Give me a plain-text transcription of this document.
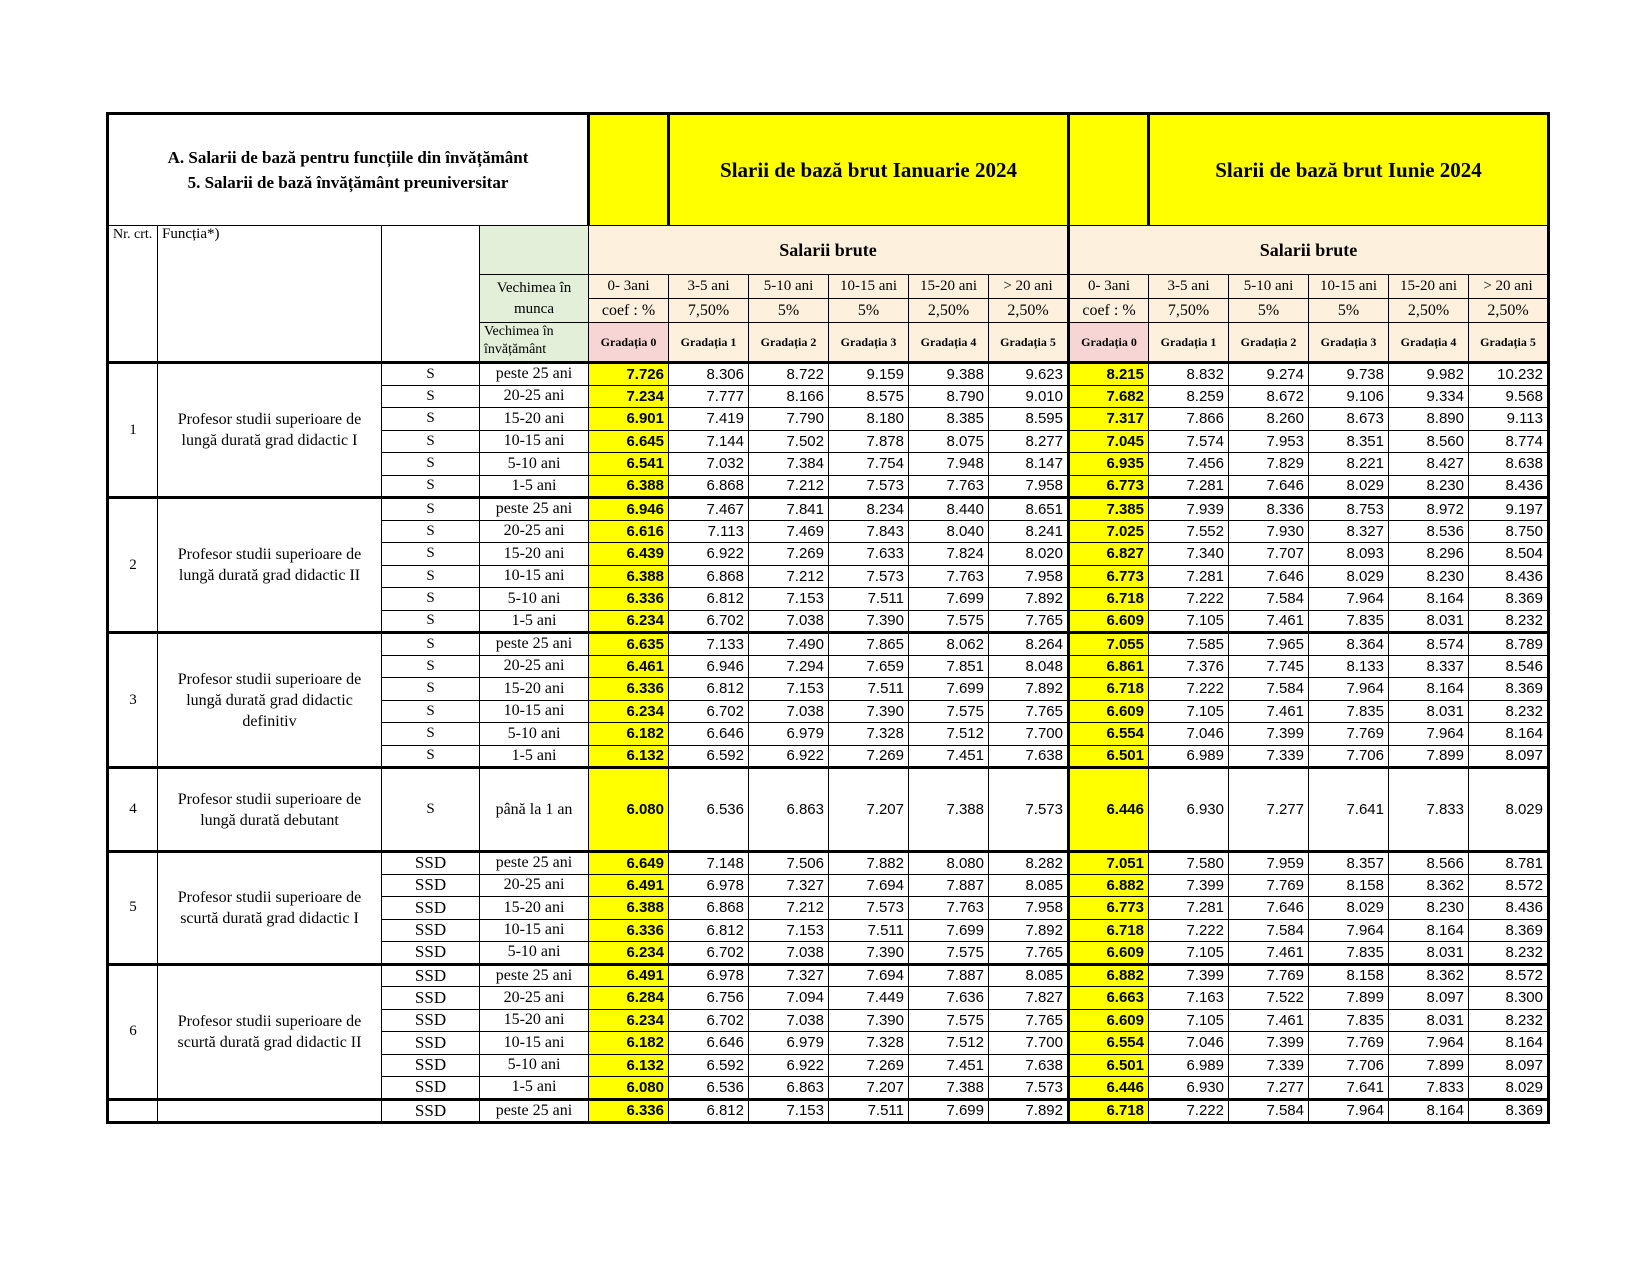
A. Salarii de bază pentru funcțiile din învățământ
5. Salarii de bază învățământ preuniversitar					Slarii de bază brut Ianuarie 2024						Slarii de bază brut Iunie 2024				
Nr. crt.	Funcția*)			Salarii brute						Salarii brute					
			Vechimea în munca	0- 3ani	3-5 ani	5-10 ani	10-15 ani	15-20 ani	> 20 ani	0- 3ani	3-5 ani	5-10 ani	10-15 ani	15-20 ani	> 20 ani
				coef : %	7,50%	5%	5%	2,50%	2,50%	coef : %	7,50%	5%	5%	2,50%	2,50%
			Vechimea în învățământ	Gradația 0	Gradația 1	Gradația 2	Gradația 3	Gradația 4	Gradația 5	Gradația 0	Gradația 1	Gradația 2	Gradația 3	Gradația 4	Gradația 5
1	Profesor studii superioare de lungă durată grad didactic I	S	peste 25 ani	7.726	8.306	8.722	9.159	9.388	9.623	8.215	8.832	9.274	9.738	9.982	10.232
		S	20-25 ani	7.234	7.777	8.166	8.575	8.790	9.010	7.682	8.259	8.672	9.106	9.334	9.568
		S	15-20 ani	6.901	7.419	7.790	8.180	8.385	8.595	7.317	7.866	8.260	8.673	8.890	9.113
		S	10-15 ani	6.645	7.144	7.502	7.878	8.075	8.277	7.045	7.574	7.953	8.351	8.560	8.774
		S	5-10 ani	6.541	7.032	7.384	7.754	7.948	8.147	6.935	7.456	7.829	8.221	8.427	8.638
		S	1-5 ani	6.388	6.868	7.212	7.573	7.763	7.958	6.773	7.281	7.646	8.029	8.230	8.436
2	Profesor studii superioare de lungă durată grad didactic II	S	peste 25 ani	6.946	7.467	7.841	8.234	8.440	8.651	7.385	7.939	8.336	8.753	8.972	9.197
		S	20-25 ani	6.616	7.113	7.469	7.843	8.040	8.241	7.025	7.552	7.930	8.327	8.536	8.750
		S	15-20 ani	6.439	6.922	7.269	7.633	7.824	8.020	6.827	7.340	7.707	8.093	8.296	8.504
		S	10-15 ani	6.388	6.868	7.212	7.573	7.763	7.958	6.773	7.281	7.646	8.029	8.230	8.436
		S	5-10 ani	6.336	6.812	7.153	7.511	7.699	7.892	6.718	7.222	7.584	7.964	8.164	8.369
		S	1-5 ani	6.234	6.702	7.038	7.390	7.575	7.765	6.609	7.105	7.461	7.835	8.031	8.232
3	Profesor studii superioare de lungă durată grad didactic definitiv	S	peste 25 ani	6.635	7.133	7.490	7.865	8.062	8.264	7.055	7.585	7.965	8.364	8.574	8.789
		S	20-25 ani	6.461	6.946	7.294	7.659	7.851	8.048	6.861	7.376	7.745	8.133	8.337	8.546
		S	15-20 ani	6.336	6.812	7.153	7.511	7.699	7.892	6.718	7.222	7.584	7.964	8.164	8.369
		S	10-15 ani	6.234	6.702	7.038	7.390	7.575	7.765	6.609	7.105	7.461	7.835	8.031	8.232
		S	5-10 ani	6.182	6.646	6.979	7.328	7.512	7.700	6.554	7.046	7.399	7.769	7.964	8.164
		S	1-5 ani	6.132	6.592	6.922	7.269	7.451	7.638	6.501	6.989	7.339	7.706	7.899	8.097
4	Profesor studii superioare de lungă durată debutant	S	până la 1 an	6.080	6.536	6.863	7.207	7.388	7.573	6.446	6.930	7.277	7.641	7.833	8.029
5	Profesor studii superioare de scurtă durată grad didactic I	SSD	peste 25 ani	6.649	7.148	7.506	7.882	8.080	8.282	7.051	7.580	7.959	8.357	8.566	8.781
		SSD	20-25 ani	6.491	6.978	7.327	7.694	7.887	8.085	6.882	7.399	7.769	8.158	8.362	8.572
		SSD	15-20 ani	6.388	6.868	7.212	7.573	7.763	7.958	6.773	7.281	7.646	8.029	8.230	8.436
		SSD	10-15 ani	6.336	6.812	7.153	7.511	7.699	7.892	6.718	7.222	7.584	7.964	8.164	8.369
		SSD	5-10 ani	6.234	6.702	7.038	7.390	7.575	7.765	6.609	7.105	7.461	7.835	8.031	8.232
6	Profesor studii superioare de scurtă durată grad didactic II	SSD	peste 25 ani	6.491	6.978	7.327	7.694	7.887	8.085	6.882	7.399	7.769	8.158	8.362	8.572
		SSD	20-25 ani	6.284	6.756	7.094	7.449	7.636	7.827	6.663	7.163	7.522	7.899	8.097	8.300
		SSD	15-20 ani	6.234	6.702	7.038	7.390	7.575	7.765	6.609	7.105	7.461	7.835	8.031	8.232
		SSD	10-15 ani	6.182	6.646	6.979	7.328	7.512	7.700	6.554	7.046	7.399	7.769	7.964	8.164
		SSD	5-10 ani	6.132	6.592	6.922	7.269	7.451	7.638	6.501	6.989	7.339	7.706	7.899	8.097
		SSD	1-5 ani	6.080	6.536	6.863	7.207	7.388	7.573	6.446	6.930	7.277	7.641	7.833	8.029
		SSD	peste 25 ani	6.336	6.812	7.153	7.511	7.699	7.892	6.718	7.222	7.584	7.964	8.164	8.369
